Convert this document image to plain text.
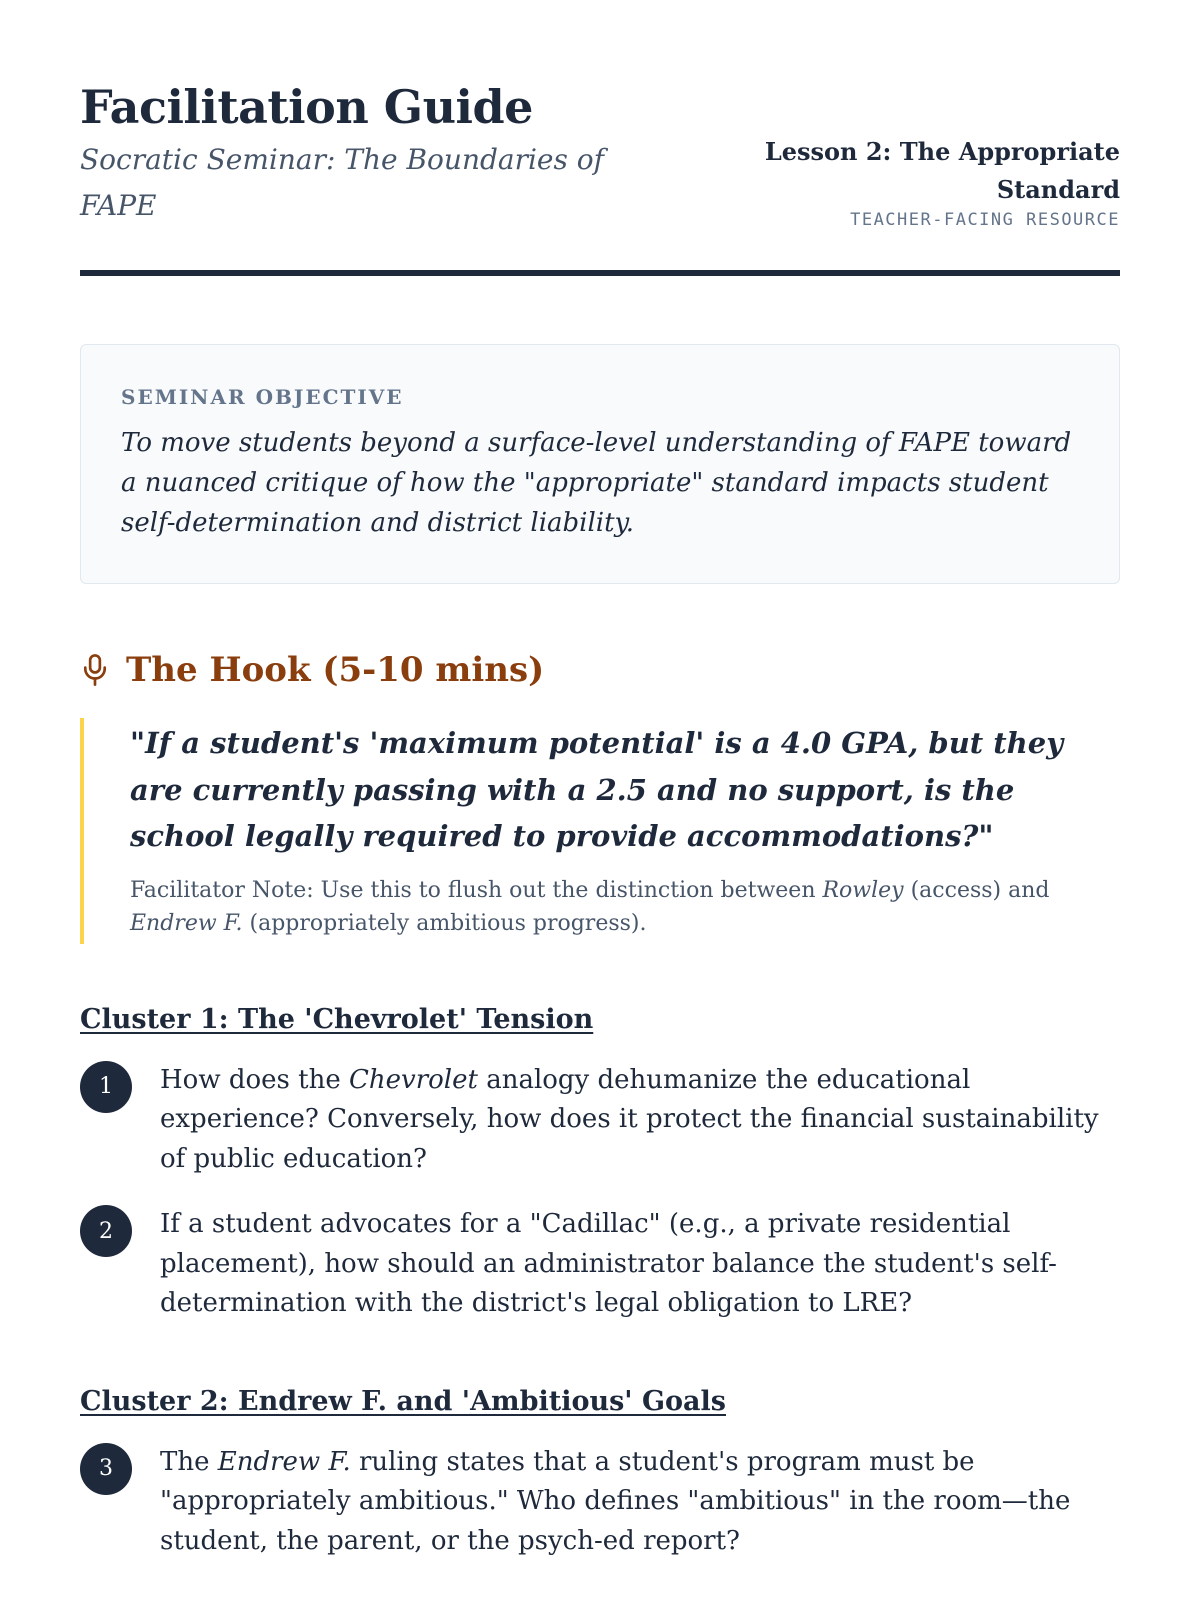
Facilitation Guide
Socratic Seminar: The Boundaries of FAPE
Lesson 2: The Appropriate Standard
TEACHER-FACING RESOURCE
SEMINAR OBJECTIVE
To move students beyond a surface-level understanding of FAPE toward a nuanced critique of how the "appropriate" standard impacts student self-determination and district liability.
The Hook (5-10 mins)
"If a student's 'maximum potential' is a 4.0 GPA, but they are currently passing with a 2.5 and no support, is the school legally required to provide accommodations?"
Facilitator Note: Use this to flush out the distinction between Rowley (access) and Endrew F. (appropriately ambitious progress).
Cluster 1: The 'Chevrolet' Tension
1	How does the Chevrolet analogy dehumanize the educational experience? Conversely, how does it protect the financial sustainability of public education?
2	If a student advocates for a "Cadillac" (e.g., a private residential placement), how should an administrator balance the student's self-determination with the district's legal obligation to LRE?
Cluster 2: Endrew F. and 'Ambitious' Goals
3	The Endrew F. ruling states that a student's program must be "appropriately ambitious." Who defines "ambitious" in the room—the student, the parent, or the psych-ed report?
